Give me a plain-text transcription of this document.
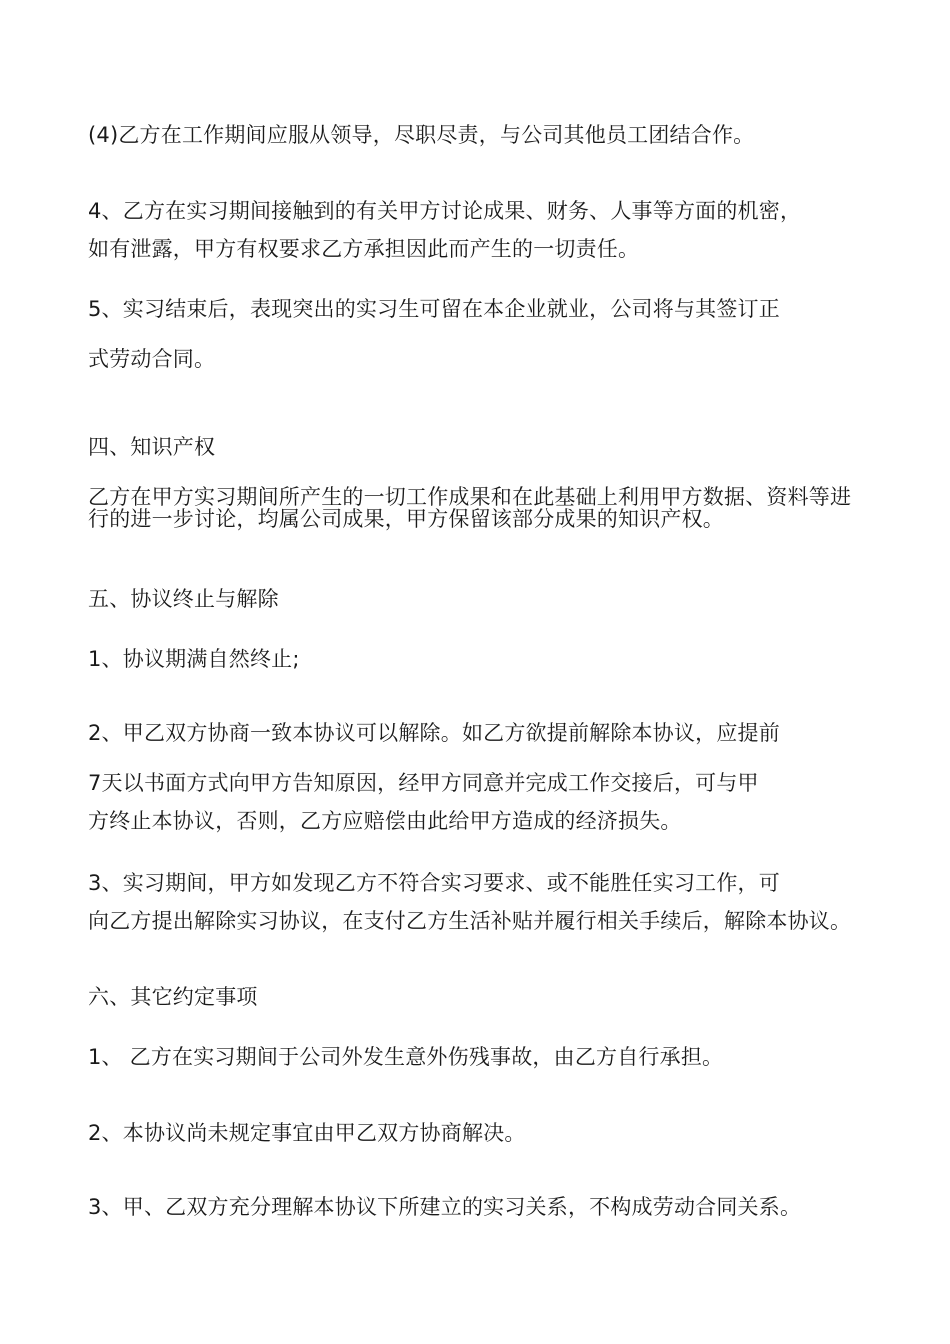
(4)乙方在工作期间应服从领导，尽职尽责，与公司其他员工团结合作。
4、乙方在实习期间接触到的有关甲方讨论成果、财务、人事等方面的机密，
如有泄露，甲方有权要求乙方承担因此而产生的一切责任。
5、实习结束后，表现突出的实习生可留在本企业就业，公司将与其签订正
式劳动合同。
四、知识产权
乙方在甲方实习期间所产生的一切工作成果和在此基础上利用甲方数据、资料等进行的进一步讨论，均属公司成果，甲方保留该部分成果的知识产权。
五、协议终止与解除
1、协议期满自然终止;
2、甲乙双方协商一致本协议可以解除。如乙方欲提前解除本协议，应提前
7天以书面方式向甲方告知原因，经甲方同意并完成工作交接后，可与甲
方终止本协议，否则，乙方应赔偿由此给甲方造成的经济损失。
3、实习期间，甲方如发现乙方不符合实习要求、或不能胜任实习工作，可
向乙方提出解除实习协议，在支付乙方生活补贴并履行相关手续后，解除本协议。
六、其它约定事项
1、 乙方在实习期间于公司外发生意外伤残事故，由乙方自行承担。
2、本协议尚未规定事宜由甲乙双方协商解决。
3、甲、乙双方充分理解本协议下所建立的实习关系，不构成劳动合同关系。
